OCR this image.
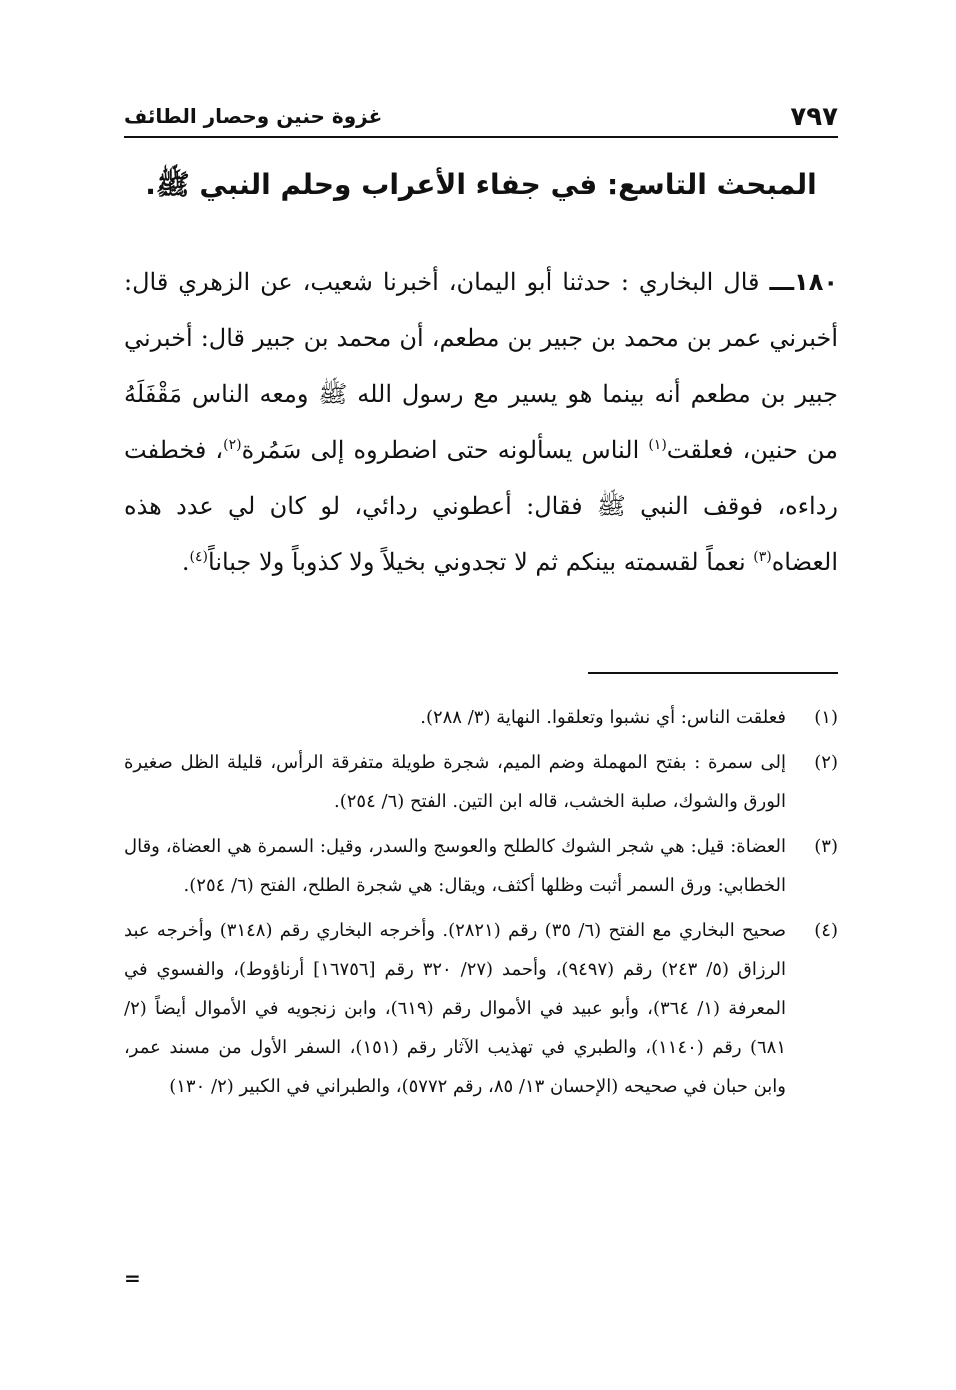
٧٩٧
غزوة حنين وحصار الطائف
المبحث التاسع: في جفاء الأعراب وحلم النبي ﷺ.
١٨٠ـــ قال البخاري : حدثنا أبو اليمان، أخبرنا شعيب، عن الزهري قال: أخبرني عمر بن محمد بن جبير بن مطعم، أن محمد بن جبير قال: أخبرني جبير بن مطعم أنه بينما هو يسير مع رسول الله ﷺ ومعه الناس مَقْفَلَهُ من حنين، فعلقت$^{(١)}$ الناس يسألونه حتى اضطروه إلى سَمُرة$^{(٢)}$، فخطفت رداءه، فوقف النبي ﷺ فقال: أعطوني ردائي، لو كان لي عدد هذه العضاه$^{(٣)}$ نعماً لقسمته بينكم ثم لا تجدوني بخيلاً ولا كذوباً ولا جباناً$^{(٤)}$.
(١)
فعلقت الناس: أي نشبوا وتعلقوا. النهاية (٣/ ٢٨٨).
(٢)
إلى سمرة : بفتح المهملة وضم الميم، شجرة طويلة متفرقة الرأس، قليلة الظل صغيرة الورق والشوك، صلبة الخشب، قاله ابن التين. الفتح (٦/ ٢٥٤).
(٣)
العضاة: قيل: هي شجر الشوك كالطلح والعوسج والسدر، وقيل: السمرة هي العضاة، وقال الخطابي: ورق السمر أثبت وظلها أكثف، ويقال: هي شجرة الطلح، الفتح (٦/ ٢٥٤).
(٤)
صحيح البخاري مع الفتح (٦/ ٣٥) رقم (٢٨٢١). وأخرجه البخاري رقم (٣١٤٨) وأخرجه عبد الرزاق (٥/ ٢٤٣) رقم (٩٤٩٧)، وأحمد (٢٧/ ٣٢٠ رقم [١٦٧٥٦] أرناؤوط)، والفسوي في المعرفة (١/ ٣٦٤)، وأبو عبيد في الأموال رقم (٦١٩)، وابن زنجويه في الأموال أيضاً (٢/ ٦٨١) رقم (١١٤٠)، والطبري في تهذيب الآثار رقم (١٥١)، السفر الأول من مسند عمر، وابن حبان في صحيحه (الإحسان ١٣/ ٨٥، رقم ٥٧٧٢)، والطبراني في الكبير (٢/ ١٣٠)
=
